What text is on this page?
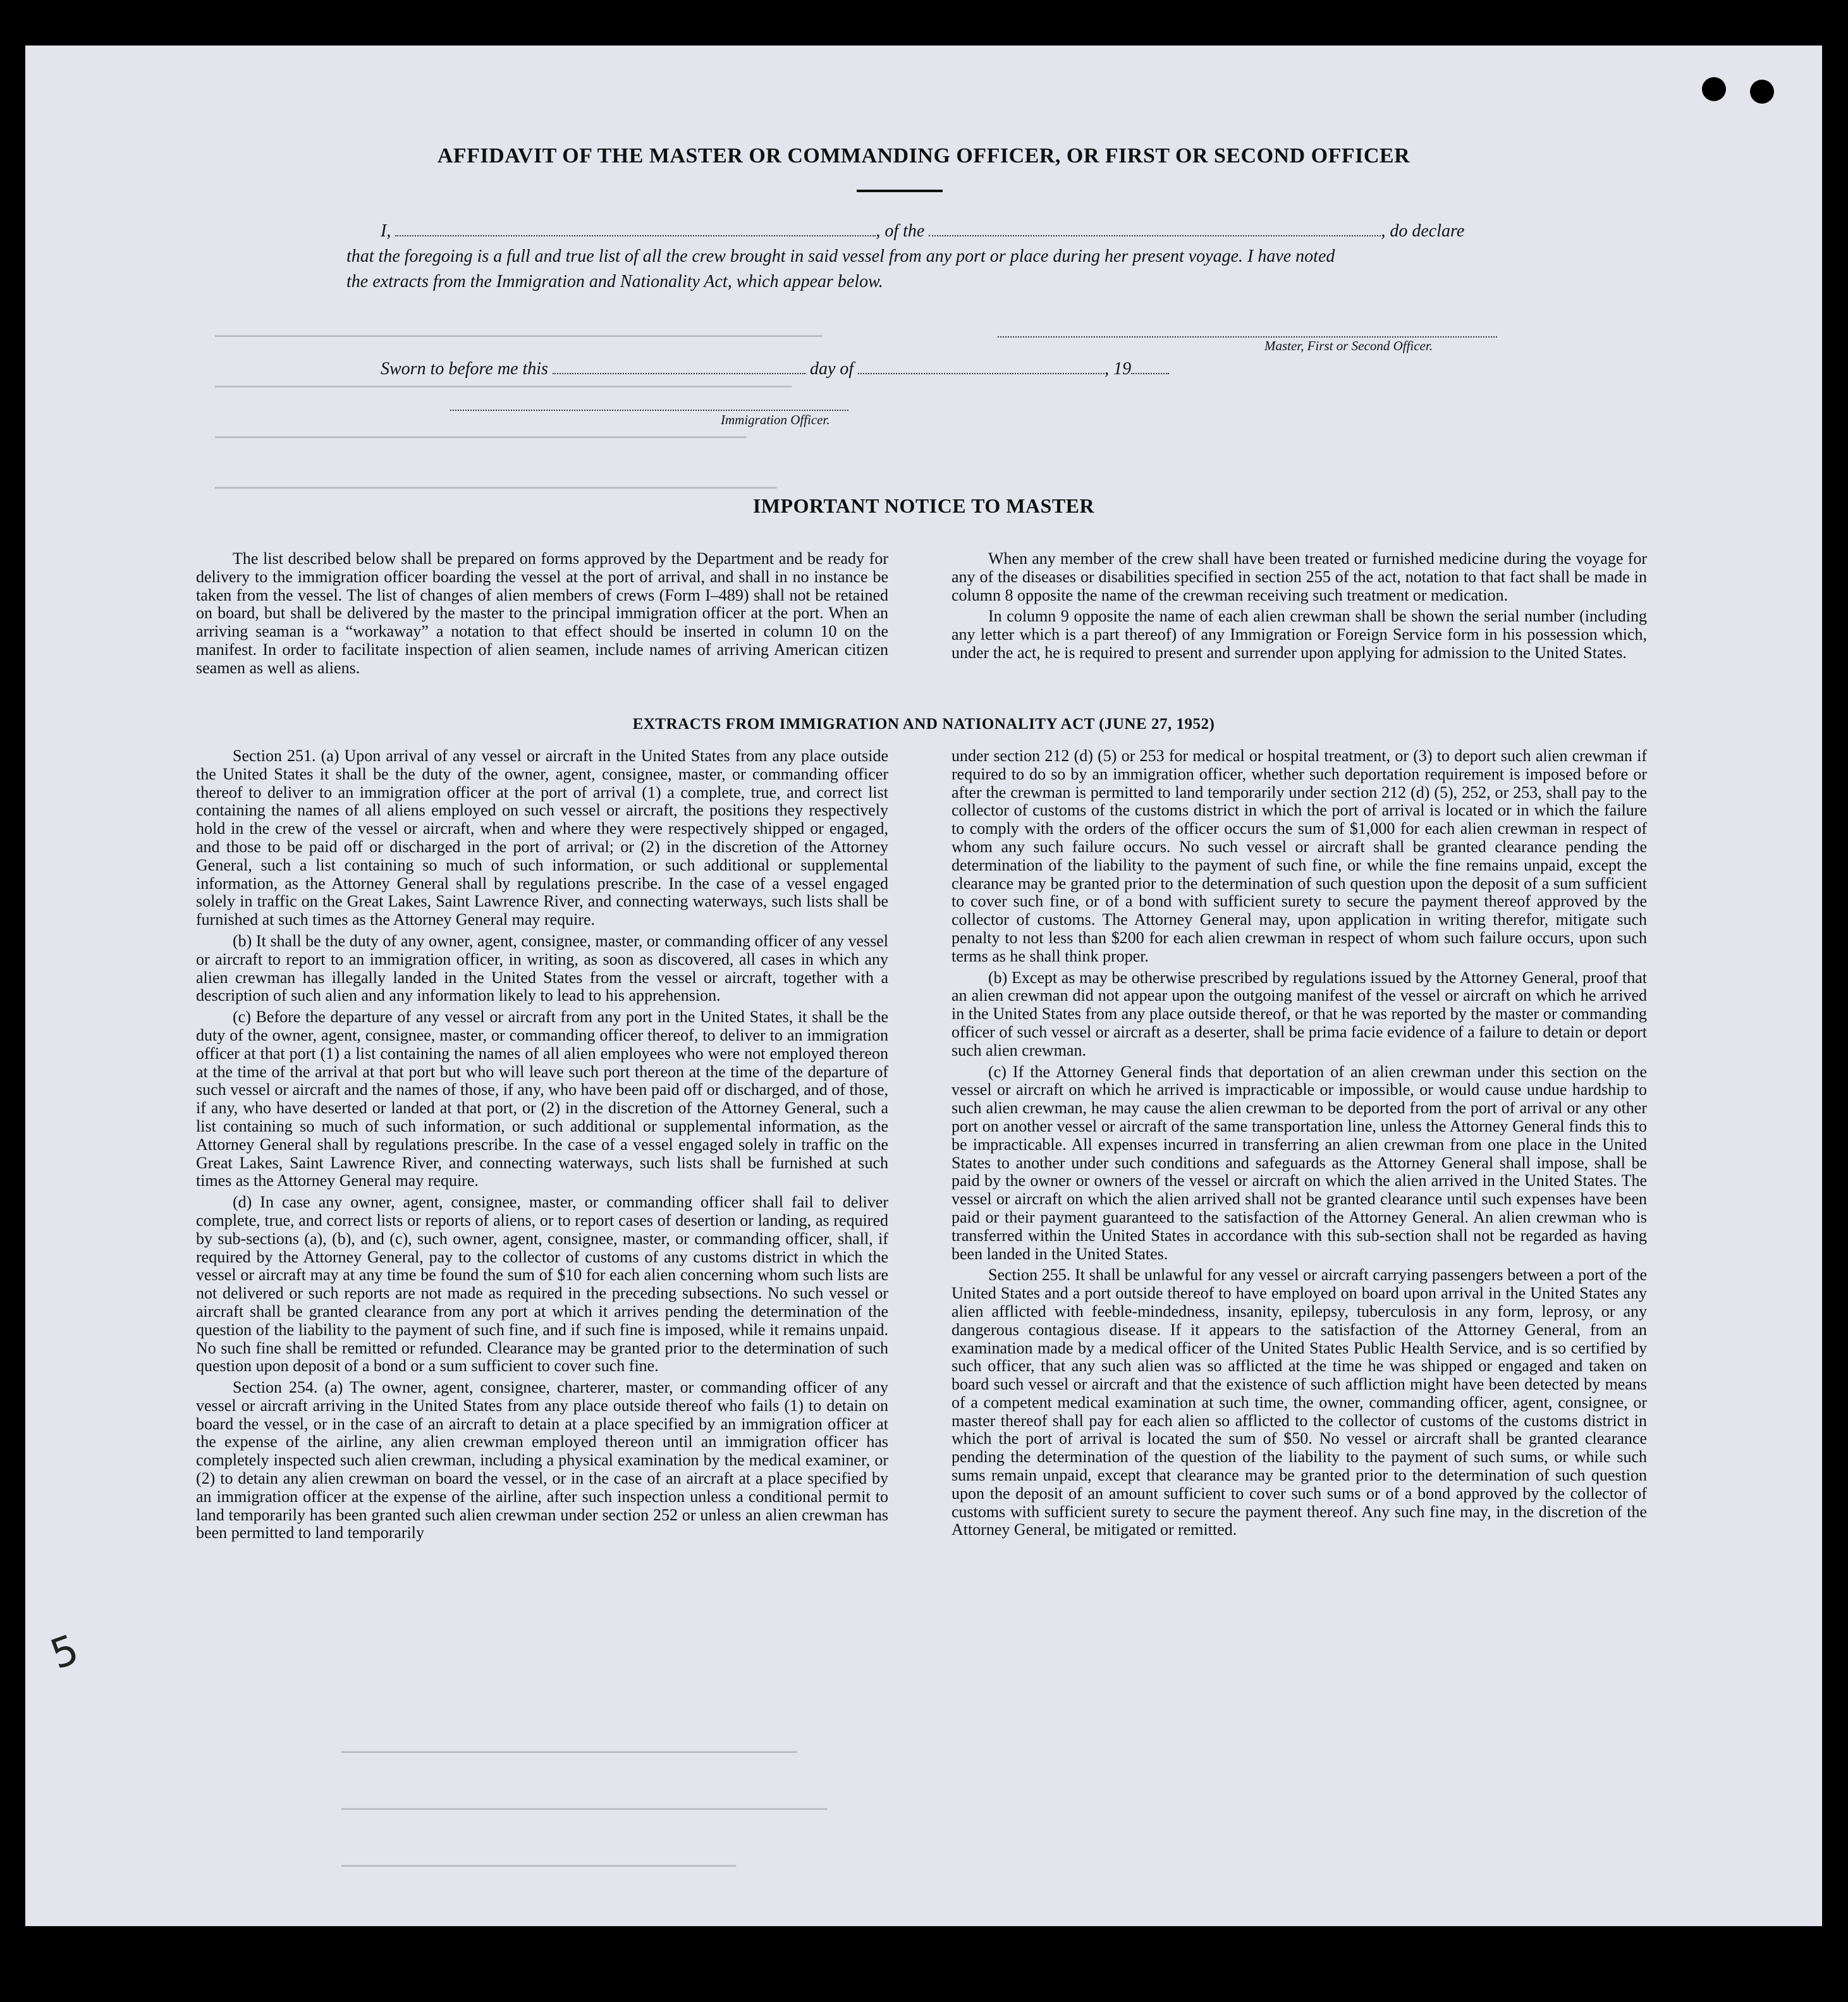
────────────────────────────────────────
──────────────────────────────────────
───────────────────────────────────
─────────────────────────────────────
──────────────────────────────
────────────────────────────────
──────────────────────────
AFFIDAVIT OF THE MASTER OR COMMANDING OFFICER, OR FIRST OR SECOND OFFICER
I,	, of the	, do declare
that the foregoing is a full and true list of all the crew brought in said vessel from any port or place during her present voyage. I have noted
the extracts from the Immigration and Nationality Act, which appear below.
Master, First or Second Officer.
Sworn to before me this	day of	, 19
Immigration Officer.
IMPORTANT NOTICE TO MASTER

The list described below shall be prepared on forms approved by the Department and be ready for delivery to the immigration officer boarding the vessel at the port of arrival, and shall in no instance be taken from the vessel. The list of changes of alien members of crews (Form I–489) shall not be retained on board, but shall be delivered by the master to the principal immigration officer at the port. When an arriving seaman is a “workaway” a notation to that effect should be inserted in column 10 on the manifest. In order to facilitate inspection of alien seamen, include names of arriving American citizen seamen as well as aliens.

When any member of the crew shall have been treated or furnished medicine during the voyage for any of the diseases or disabilities specified in section 255 of the act, notation to that fact shall be made in column 8 opposite the name of the crewman receiving such treatment or medication.

In column 9 opposite the name of each alien crewman shall be shown the serial number (including any letter which is a part thereof) of any Immigration or Foreign Service form in his possession which, under the act, he is required to present and surrender upon applying for admission to the United States.

EXTRACTS FROM IMMIGRATION AND NATIONALITY ACT (JUNE 27, 1952)

Section 251. (a) Upon arrival of any vessel or aircraft in the United States from any place outside the United States it shall be the duty of the owner, agent, consignee, master, or commanding officer thereof to deliver to an immigration officer at the port of arrival (1) a complete, true, and correct list containing the names of all aliens employed on such vessel or aircraft, the positions they respectively hold in the crew of the vessel or aircraft, when and where they were respectively shipped or engaged, and those to be paid off or discharged in the port of arrival; or (2) in the discretion of the Attorney General, such a list containing so much of such information, or such additional or supplemental information, as the Attorney General shall by regulations prescribe. In the case of a vessel engaged solely in traffic on the Great Lakes, Saint Lawrence River, and connecting waterways, such lists shall be furnished at such times as the Attorney General may require.

(b) It shall be the duty of any owner, agent, consignee, master, or commanding officer of any vessel or aircraft to report to an immigration officer, in writing, as soon as discovered, all cases in which any alien crewman has illegally landed in the United States from the vessel or aircraft, together with a description of such alien and any information likely to lead to his apprehension.

(c) Before the departure of any vessel or aircraft from any port in the United States, it shall be the duty of the owner, agent, consignee, master, or commanding officer thereof, to deliver to an immigration officer at that port (1) a list containing the names of all alien employees who were not employed thereon at the time of the arrival at that port but who will leave such port thereon at the time of the departure of such vessel or aircraft and the names of those, if any, who have been paid off or discharged, and of those, if any, who have deserted or landed at that port, or (2) in the discretion of the Attorney General, such a list containing so much of such information, or such additional or supplemental information, as the Attorney General shall by regulations prescribe. In the case of a vessel engaged solely in traffic on the Great Lakes, Saint Lawrence River, and connecting waterways, such lists shall be furnished at such times as the Attorney General may require.

(d) In case any owner, agent, consignee, master, or commanding officer shall fail to deliver complete, true, and correct lists or reports of aliens, or to report cases of desertion or landing, as required by sub-sections (a), (b), and (c), such owner, agent, consignee, master, or commanding officer, shall, if required by the Attorney General, pay to the collector of customs of any customs district in which the vessel or aircraft may at any time be found the sum of $10 for each alien concerning whom such lists are not delivered or such reports are not made as required in the preceding subsections. No such vessel or aircraft shall be granted clearance from any port at which it arrives pending the determination of the question of the liability to the payment of such fine, and if such fine is imposed, while it remains unpaid. No such fine shall be remitted or refunded. Clearance may be granted prior to the determination of such question upon deposit of a bond or a sum sufficient to cover such fine.

Section 254. (a) The owner, agent, consignee, charterer, master, or commanding officer of any vessel or aircraft arriving in the United States from any place outside thereof who fails (1) to detain on board the vessel, or in the case of an aircraft to detain at a place specified by an immigration officer at the expense of the airline, any alien crewman employed thereon until an immigration officer has completely inspected such alien crewman, including a physical examination by the medical examiner, or (2) to detain any alien crewman on board the vessel, or in the case of an aircraft at a place specified by an immigration officer at the expense of the airline, after such inspection unless a conditional permit to land temporarily has been granted such alien crewman under section 252 or unless an alien crewman has been permitted to land temporarily

under section 212 (d) (5) or 253 for medical or hospital treatment, or (3) to deport such alien crewman if required to do so by an immigration officer, whether such deportation requirement is imposed before or after the crewman is permitted to land temporarily under section 212 (d) (5), 252, or 253, shall pay to the collector of customs of the customs district in which the port of arrival is located or in which the failure to comply with the orders of the officer occurs the sum of $1,000 for each alien crewman in respect of whom any such failure occurs. No such vessel or aircraft shall be granted clearance pending the determination of the liability to the payment of such fine, or while the fine remains unpaid, except the clearance may be granted prior to the determination of such question upon the deposit of a sum sufficient to cover such fine, or of a bond with sufficient surety to secure the payment thereof approved by the collector of customs. The Attorney General may, upon application in writing therefor, mitigate such penalty to not less than $200 for each alien crewman in respect of whom such failure occurs, upon such terms as he shall think proper.

(b) Except as may be otherwise prescribed by regulations issued by the Attorney General, proof that an alien crewman did not appear upon the outgoing manifest of the vessel or aircraft on which he arrived in the United States from any place outside thereof, or that he was reported by the master or commanding officer of such vessel or aircraft as a deserter, shall be prima facie evidence of a failure to detain or deport such alien crewman.

(c) If the Attorney General finds that deportation of an alien crewman under this section on the vessel or aircraft on which he arrived is impracticable or impossible, or would cause undue hardship to such alien crewman, he may cause the alien crewman to be deported from the port of arrival or any other port on another vessel or aircraft of the same transportation line, unless the Attorney General finds this to be impracticable. All expenses incurred in transferring an alien crewman from one place in the United States to another under such conditions and safeguards as the Attorney General shall impose, shall be paid by the owner or owners of the vessel or aircraft on which the alien arrived in the United States. The vessel or aircraft on which the alien arrived shall not be granted clearance until such expenses have been paid or their payment guaranteed to the satisfaction of the Attorney General. An alien crewman who is transferred within the United States in accordance with this sub-section shall not be regarded as having been landed in the United States.

Section 255. It shall be unlawful for any vessel or aircraft carrying passengers between a port of the United States and a port outside thereof to have employed on board upon arrival in the United States any alien afflicted with feeble-mindedness, insanity, epilepsy, tuberculosis in any form, leprosy, or any dangerous contagious disease. If it appears to the satisfaction of the Attorney General, from an examination made by a medical officer of the United States Public Health Service, and is so certified by such officer, that any such alien was so afflicted at the time he was shipped or engaged and taken on board such vessel or aircraft and that the existence of such affliction might have been detected by means of a competent medical examination at such time, the owner, commanding officer, agent, consignee, or master thereof shall pay for each alien so afflicted to the collector of customs of the customs district in which the port of arrival is located the sum of $50. No vessel or aircraft shall be granted clearance pending the determination of the question of the liability to the payment of such sums, or while such sums remain unpaid, except that clearance may be granted prior to the determination of such question upon the deposit of an amount sufficient to cover such sums or of a bond approved by the collector of customs with sufficient surety to secure the payment thereof. Any such fine may, in the discretion of the Attorney General, be mitigated or remitted.

5
